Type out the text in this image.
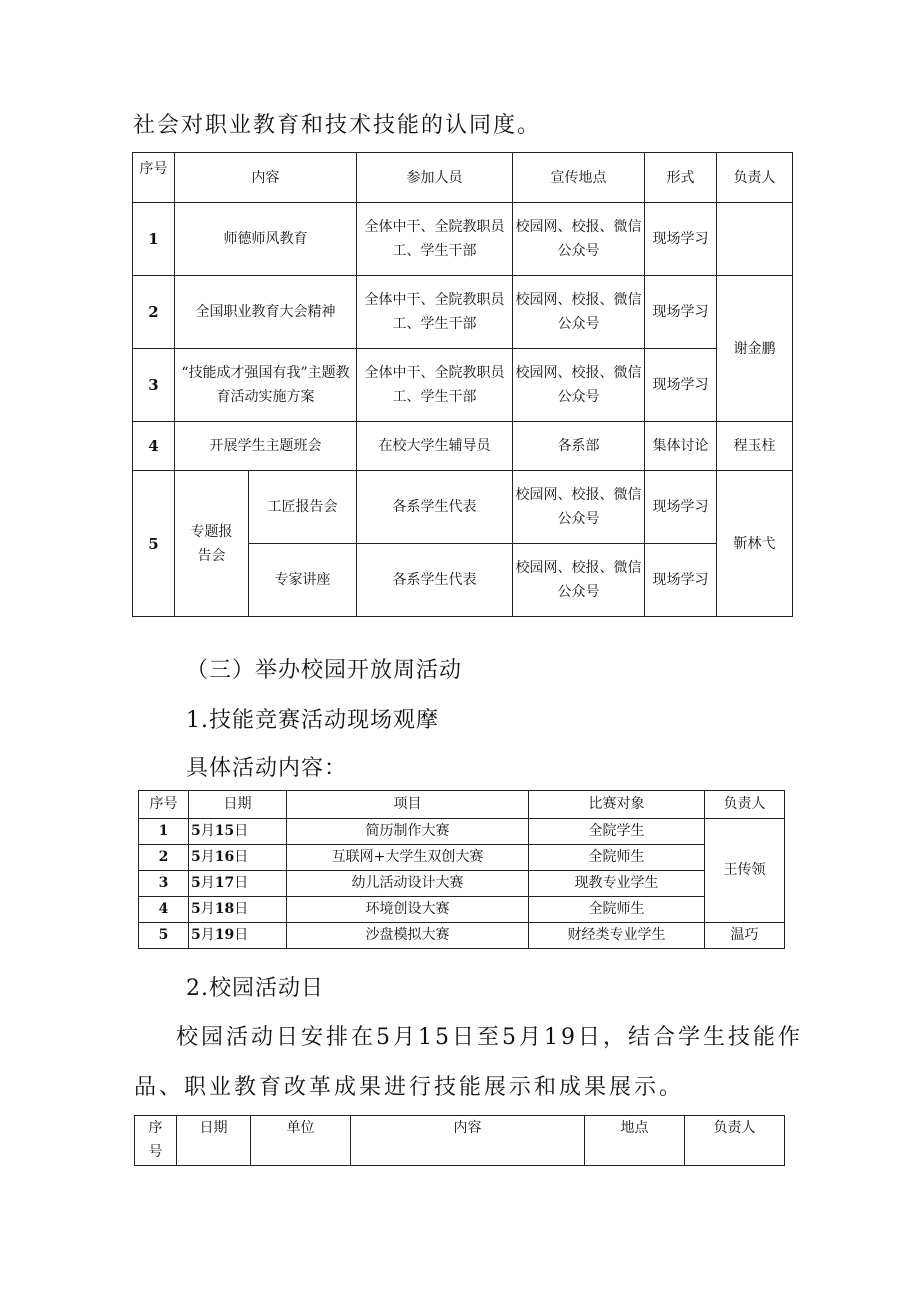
社会对职业教育和技术技能的认同度。
序号	内容		参加人员	宣传地点	形式	负责人
1	师德师风教育		全体中干、全院教职员工、学生干部	校园网、校报、微信公众号	现场学习	
2	全国职业教育大会精神		全体中干、全院教职员工、学生干部	校园网、校报、微信公众号	现场学习	谢金鹏
3	“技能成才强国有我”主题教育活动实施方案		全体中干、全院教职员工、学生干部	校园网、校报、微信公众号	现场学习	
4	开展学生主题班会		在校大学生辅导员	各系部	集体讨论	程玉柱
5	专题报告会	工匠报告会	各系学生代表	校园网、校报、微信公众号	现场学习	靳林弋
		专家讲座	各系学生代表	校园网、校报、微信公众号	现场学习	
（三）举办校园开放周活动
1.技能竞赛活动现场观摩
具体活动内容：
序号	日期	项目	比赛对象	负责人
1	5月15日	简历制作大赛	全院学生	王传领
2	5月16日	互联网+大学生双创大赛	全院师生	
3	5月17日	幼儿活动设计大赛	现教专业学生	
4	5月18日	环境创设大赛	全院师生	
5	5月19日	沙盘模拟大赛	财经类专业学生	温巧
2.校园活动日
校园活动日安排在5月15日至5月19日，结合学生技能作
品、职业教育改革成果进行技能展示和成果展示。
序号	日期	单位	内容	地点	负责人
